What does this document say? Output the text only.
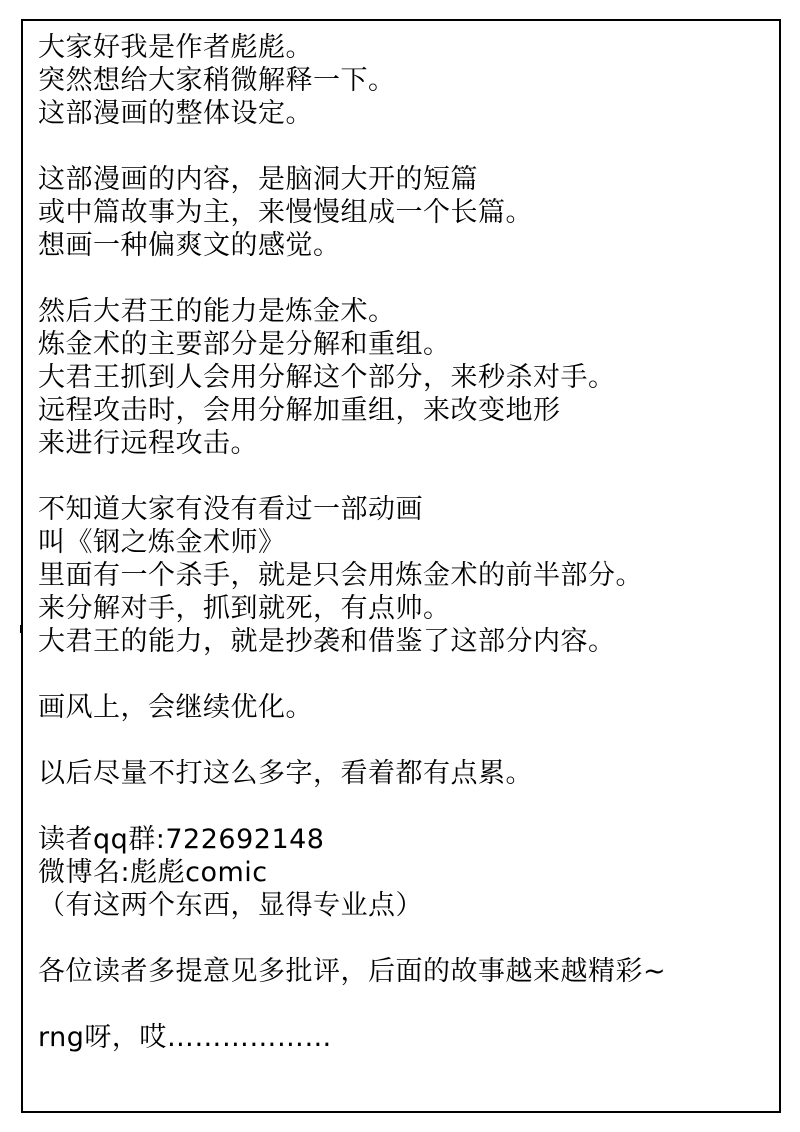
大家好我是作者彪彪。
突然想给大家稍微解释一下。
这部漫画的整体设定。
这部漫画的内容，是脑洞大开的短篇
或中篇故事为主，来慢慢组成一个长篇。
想画一种偏爽文的感觉。
然后大君王的能力是炼金术。
炼金术的主要部分是分解和重组。
大君王抓到人会用分解这个部分，来秒杀对手。
远程攻击时，会用分解加重组，来改变地形
来进行远程攻击。
不知道大家有没有看过一部动画
叫《钢之炼金术师》
里面有一个杀手，就是只会用炼金术的前半部分。
来分解对手，抓到就死，有点帅。
大君王的能力，就是抄袭和借鉴了这部分内容。
画风上，会继续优化。
以后尽量不打这么多字，看着都有点累。
读者qq群:722692148
微博名:彪彪comic
（有这两个东西，显得专业点）
各位读者多提意见多批评，后面的故事越来越精彩~
rng呀，哎………………
